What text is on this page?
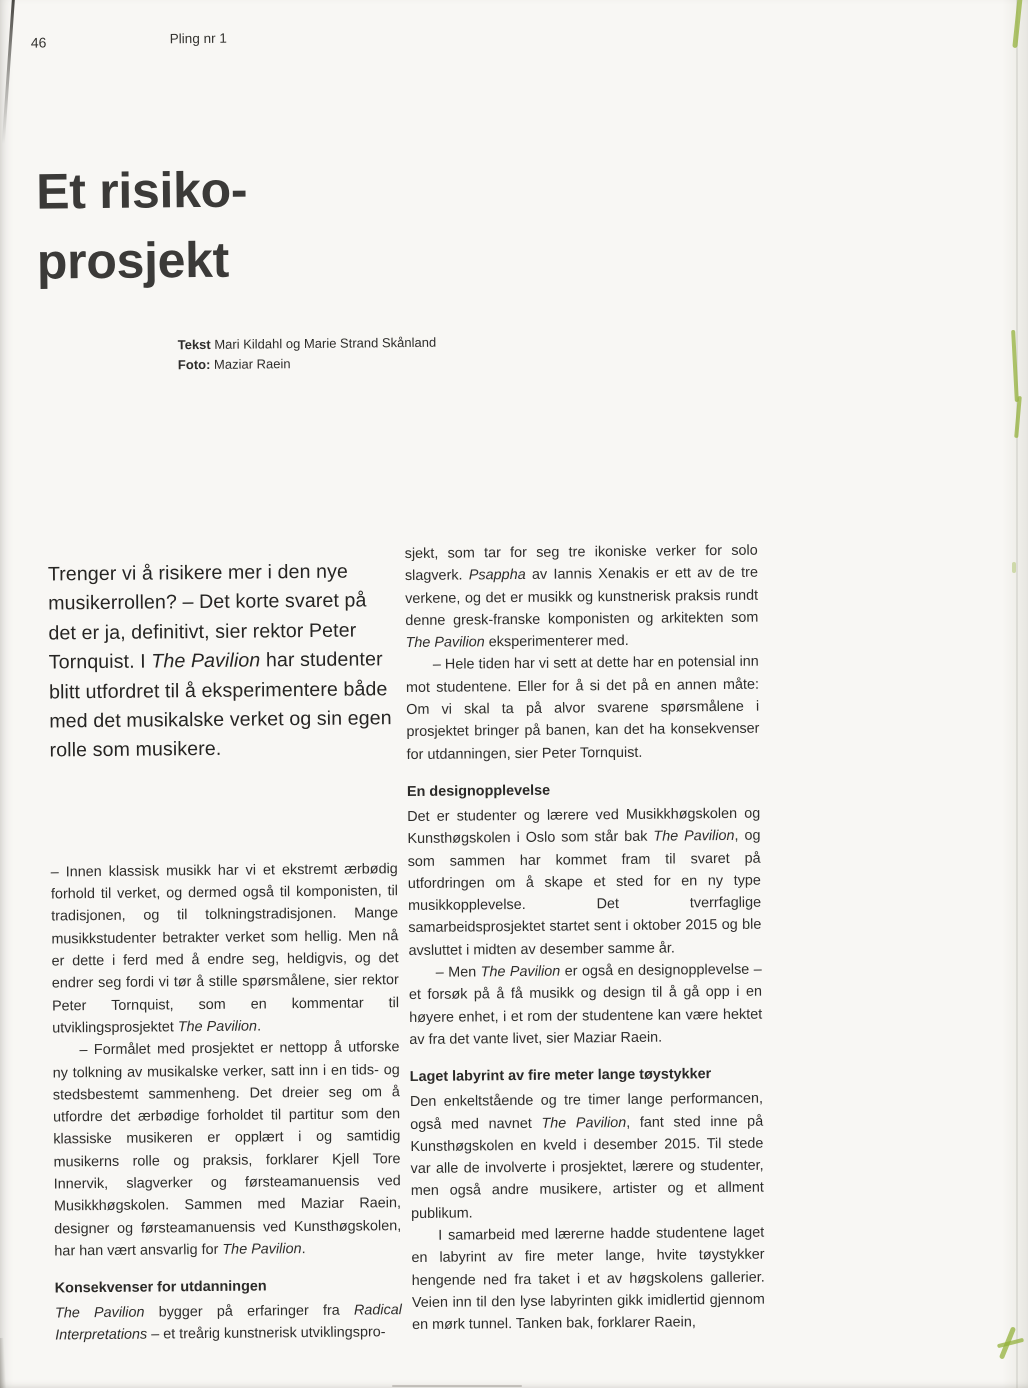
46	Pling nr 1
Et risiko-
prosjekt
Tekst Mari Kildahl og Marie Strand Skånland
Foto: Maziar Raein

Trenger vi å risikere mer i den nye musikerrollen? – Det korte svaret på det er ja, definitivt, sier rektor Peter Tornquist. I The Pavilion har studenter blitt utfordret til å eksperimentere både med det musikalske verket og sin egen rolle som musikere.

– Innen klassisk musikk har vi et ekstremt ærbødig forhold til verket, og dermed også til komponisten, til tradisjonen, og til tolkningstradisjonen. Mange musikkstudenter betrakter verket som hellig. Men nå er dette i ferd med å endre seg, heldigvis, og det endrer seg fordi vi tør å stille spørsmålene, sier rektor Peter Tornquist, som en kommentar til utviklingsprosjektet The Pavilion.

– Formålet med prosjektet er nettopp å utforske ny tolkning av musikalske verker, satt inn i en tids- og stedsbestemt sammenheng. Det dreier seg om å utfordre det ærbødige forholdet til partitur som den klassiske musikeren er opplært i og samtidig musikerns rolle og praksis, forklarer Kjell Tore Innervik, slagverker og førsteamanuensis ved Musikkhøgskolen. Sammen med Maziar Raein, designer og førsteamanuensis ved Kunsthøgskolen, har han vært ansvarlig for The Pavilion.

Konsekvenser for utdanningen

The Pavilion bygger på erfaringer fra Radical Interpretations – et treårig kunstnerisk utviklingspro-

sjekt, som tar for seg tre ikoniske verker for solo slagverk. Psappha av Iannis Xenakis er ett av de tre verkene, og det er musikk og kunstnerisk praksis rundt denne gresk-franske komponisten og arkitekten som The Pavilion eksperimenterer med.

– Hele tiden har vi sett at dette har en potensial inn mot studentene. Eller for å si det på en annen måte: Om vi skal ta på alvor svarene spørsmålene i prosjektet bringer på banen, kan det ha konsekvenser for utdanningen, sier Peter Tornquist.

En designopplevelse

Det er studenter og lærere ved Musikkhøgskolen og Kunsthøgskolen i Oslo som står bak The Pavilion, og som sammen har kommet fram til svaret på utfordringen om å skape et sted for en ny type musikkopplevelse. Det tverrfaglige samarbeidsprosjektet startet sent i oktober 2015 og ble avsluttet i midten av desember samme år.

– Men The Pavilion er også en designopplevelse – et forsøk på å få musikk og design til å gå opp i en høyere enhet, i et rom der studentene kan være hektet av fra det vante livet, sier Maziar Raein.

Laget labyrint av fire meter lange tøystykker

Den enkeltstående og tre timer lange performancen, også med navnet The Pavilion, fant sted inne på Kunsthøgskolen en kveld i desember 2015. Til stede var alle de involverte i prosjektet, lærere og studenter, men også andre musikere, artister og et allment publikum.

I samarbeid med lærerne hadde studentene laget en labyrint av fire meter lange, hvite tøystykker hengende ned fra taket i et av høgskolens gallerier. Veien inn til den lyse labyrinten gikk imidlertid gjennom en mørk tunnel. Tanken bak, forklarer Raein,
